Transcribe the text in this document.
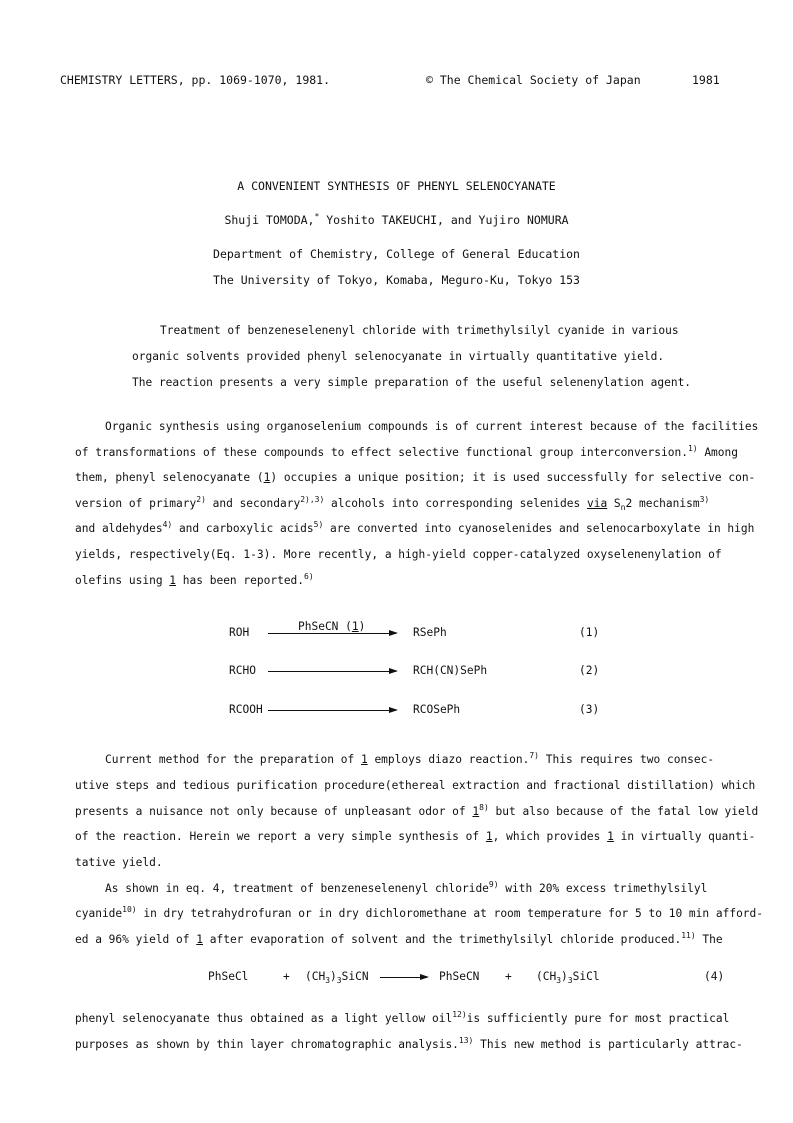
CHEMISTRY LETTERS, pp. 1069-1070, 1981.	© The Chemical Society of Japan	1981
A CONVENIENT SYNTHESIS OF PHENYL SELENOCYANATE
Shuji TOMODA,* Yoshito TAKEUCHI, and Yujiro NOMURA
Department of Chemistry, College of General Education
The University of Tokyo, Komaba, Meguro-Ku, Tokyo 153
Treatment of benzeneselenenyl chloride with trimethylsilyl cyanide in various
organic solvents provided phenyl selenocyanate in virtually quantitative yield.
The reaction presents a very simple preparation of the useful selenenylation agent.
Organic synthesis using organoselenium compounds is of current interest because of the facilities
of transformations of these compounds to effect selective functional group interconversion.$^{1)}$ Among
them, phenyl selenocyanate (1) occupies a unique position; it is used successfully for selective con-
version of primary$^{2)}$ and secondary$^{2),3)}$ alcohols into corresponding selenides via $S_n2$ mechanism$^{3)}$
and aldehydes$^{4)}$ and carboxylic acids$^{5)}$ are converted into cyanoselenides and selenocarboxylate in high
yields, respectively(Eq. 1-3). More recently, a high-yield copper-catalyzed oxyselenenylation of
olefins using 1 has been reported.$^{6)}$
PhSeCN (1)
ROH	RSePh	(1)
RCHO	RCH(CN)SePh	(2)
RCOOH	RCOSePh	(3)
Current method for the preparation of 1 employs diazo reaction.$^{7)}$ This requires two consec-
utive steps and tedious purification procedure(ethereal extraction and fractional distillation) which
presents a nuisance not only because of unpleasant odor of 1$^{8)}$ but also because of the fatal low yield
of the reaction. Herein we report a very simple synthesis of 1, which provides 1 in virtually quanti-
tative yield.
As shown in eq. 4, treatment of benzeneselenenyl chloride$^{9)}$ with 20% excess trimethylsilyl
cyanide$^{10)}$ in dry tetrahydrofuran or in dry dichloromethane at room temperature for 5 to 10 min afford-
ed a 96% yield of 1 after evaporation of solvent and the trimethylsilyl chloride produced.$^{11)}$ The
PhSeCl	+ $(CH_3)_3SiCN$	PhSeCN + $(CH_3)_3SiCl$	(4)
phenyl selenocyanate thus obtained as a light yellow oil$^{12)}$is sufficiently pure for most practical
purposes as shown by thin layer chromatographic analysis.$^{13)}$ This new method is particularly attrac-
